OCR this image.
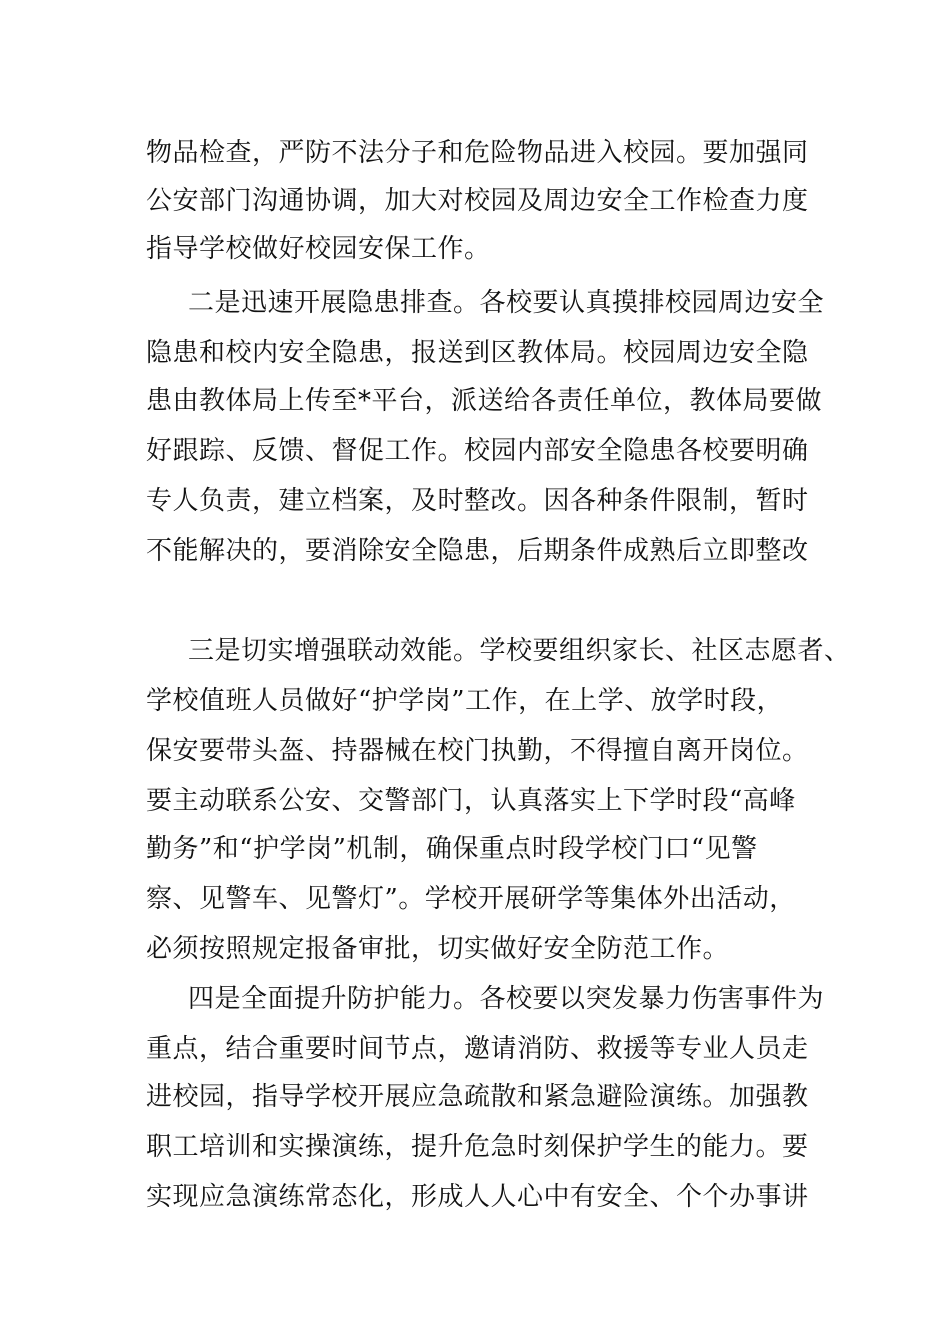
物品检查，严防不法分子和危险物品进入校园。要加强同
公安部门沟通协调，加大对校园及周边安全工作检查力度
指导学校做好校园安保工作。
二是迅速开展隐患排查。各校要认真摸排校园周边安全
隐患和校内安全隐患，报送到区教体局。校园周边安全隐
患由教体局上传至*平台，派送给各责任单位，教体局要做
好跟踪、反馈、督促工作。校园内部安全隐患各校要明确
专人负责，建立档案，及时整改。因各种条件限制，暂时
不能解决的，要消除安全隐患，后期条件成熟后立即整改
三是切实增强联动效能。学校要组织家长、社区志愿者、
学校值班人员做好“护学岗”工作，在上学、放学时段，
保安要带头盔、持器械在校门执勤，不得擅自离开岗位。
要主动联系公安、交警部门，认真落实上下学时段“高峰
勤务”和“护学岗”机制，确保重点时段学校门口“见警
察、见警车、见警灯”。学校开展研学等集体外出活动，
必须按照规定报备审批，切实做好安全防范工作。
四是全面提升防护能力。各校要以突发暴力伤害事件为
重点，结合重要时间节点，邀请消防、救援等专业人员走
进校园，指导学校开展应急疏散和紧急避险演练。加强教
职工培训和实操演练，提升危急时刻保护学生的能力。要
实现应急演练常态化，形成人人心中有安全、个个办事讲
